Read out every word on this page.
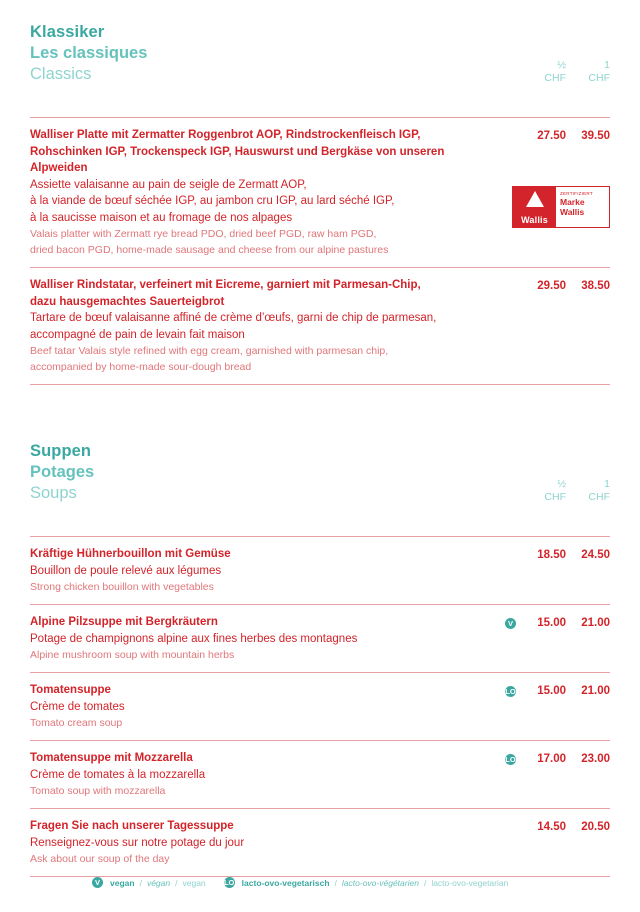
Klassiker
Les classiques
Classics	½	1
CHF	CHF
Walliser Platte mit Zermatter Roggenbrot AOP, Rindstrockenfleisch IGP,
Rohschinken IGP, Trockenspeck IGP, Hauswurst und Bergkäse von unseren Alpweiden
Assiette valaisanne au pain de seigle de Zermatt AOP,
à la viande de bœuf séchée IGP, au jambon cru IGP, au lard séché IGP,
à la saucisse maison et au fromage de nos alpages
Valais platter with Zermatt rye bread PDO, dried beef PGD, raw ham PGD,
dried bacon PGD, home-made sausage and cheese from our alpine pastures
27.50	39.50
Wallis
ZERTIFIZIERT
Marke
Wallis
Walliser Rindstatar, verfeinert mit Eicreme, garniert mit Parmesan-Chip,
dazu hausgemachtes Sauerteigbrot
Tartare de bœuf valaisanne affiné de crème d’œufs, garni de chip de parmesan,
accompagné de pain de levain fait maison
Beef tatar Valais style refined with egg cream, garnished with parmesan chip,
accompanied by home-made sour-dough bread
29.50	38.50
Suppen
Potages
Soups	½	1
CHF	CHF
Kräftige Hühnerbouillon mit Gemüse
Bouillon de poule relevé aux légumes
Strong chicken bouillon with vegetables
18.50	24.50
Alpine Pilzsuppe mit Bergkräutern
Potage de champignons alpine aux fines herbes des montagnes
Alpine mushroom soup with mountain herbs
V	15.00	21.00
Tomatensuppe
Crème de tomates
Tomato cream soup
LO	15.00	21.00
Tomatensuppe mit Mozzarella
Crème de tomates à la mozzarella
Tomato soup with mozzarella
LO	17.00	23.00
Fragen Sie nach unserer Tagessuppe
Renseignez-vous sur notre potage du jour
Ask about our soup of the day
14.50	20.50
V	vegan / végan / vegan LO lacto-ovo-vegetarisch / lacto-ovo-végétarien / lacto-ovo-vegetarian
